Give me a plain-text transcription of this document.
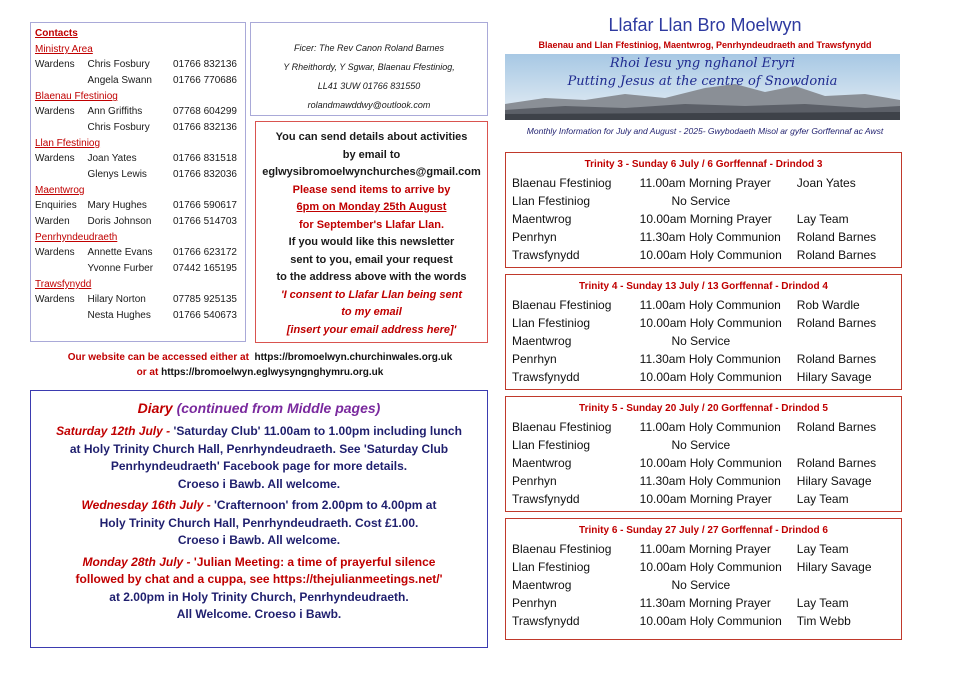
Contacts
Ministry Area
Wardens	Chris Fosbury	01766 832136
Angela Swann	01766 770686
Blaenau Ffestiniog
Wardens	Ann Griffiths	07768 604299
Chris Fosbury	01766 832136
Llan Ffestiniog
Wardens	Joan Yates	01766 831518
Glenys Lewis	01766 832036
Maentwrog
Enquiries	Mary Hughes	01766 590617
Warden	Doris Johnson	01766 514703
Penrhyndeudraeth
Wardens	Annette Evans	01766 623172
Yvonne Furber	07442 165195
Trawsfynydd
Wardens	Hilary Norton	07785 925135
Nesta Hughes	01766 540673
Ficer: The Rev Canon Roland Barnes
Y Rheithordy, Y Sgwar, Blaenau Ffestiniog,
LL41 3UW 01766 831550
rolandmawddwy@outlook.com
You can send details about activities
by email to
eglwysibromoelwynchurches@gmail.com
Please send items to arrive by
6pm on Monday 25th August
for September's Llafar Llan.
If you would like this newsletter
sent to you, email your request
to the address above with the words
'I consent to Llafar Llan being sent
to my email
[insert your email address here]'
Our website can be accessed either at https://bromoelwyn.churchinwales.org.uk
or at https://bromoelwyn.eglwysyngnghymru.org.uk
Diary (continued from Middle pages)
Saturday 12th July - 'Saturday Club' 11.00am to 1.00pm including lunch
at Holy Trinity Church Hall, Penrhyndeudraeth. See 'Saturday Club
Penrhyndeudraeth' Facebook page for more details.
Croeso i Bawb. All welcome.
Wednesday 16th July - 'Crafternoon' from 2.00pm to 4.00pm at
Holy Trinity Church Hall, Penrhyndeudraeth. Cost £1.00.
Croeso i Bawb. All welcome.
Monday 28th July - 'Julian Meeting: a time of prayerful silence
followed by chat and a cuppa, see https://thejulianmeetings.net/'
at 2.00pm in Holy Trinity Church, Penrhyndeudraeth.
All Welcome. Croeso i Bawb.
Llafar Llan Bro Moelwyn
Blaenau and Llan Ffestiniog, Maentwrog, Penrhyndeudraeth and Trawsfynydd
Rhoi Iesu yng nghanol Eryri
Putting Jesus at the centre of Snowdonia
Monthly Information for July and August - 2025- Gwybodaeth Misol ar gyfer Gorffennaf ac Awst
Trinity 3 - Sunday 6 July / 6 Gorffennaf - Drindod 3
Blaenau Ffestiniog	11.00am Morning Prayer	Joan Yates
Llan Ffestiniog	No Service
Maentwrog	10.00am Morning Prayer	Lay Team
Penrhyn	11.30am Holy Communion	Roland Barnes
Trawsfynydd	10.00am Holy Communion	Roland Barnes
Trinity 4 - Sunday 13 July / 13 Gorffennaf - Drindod 4
Blaenau Ffestiniog	11.00am Holy Communion	Rob Wardle
Llan Ffestiniog	10.00am Holy Communion	Roland Barnes
Maentwrog	No Service
Penrhyn	11.30am Holy Communion	Roland Barnes
Trawsfynydd	10.00am Holy Communion	Hilary Savage
Trinity 5 - Sunday 20 July / 20 Gorffennaf - Drindod 5
Blaenau Ffestiniog	11.00am Holy Communion	Roland Barnes
Llan Ffestiniog	No Service
Maentwrog	10.00am Holy Communion	Roland Barnes
Penrhyn	11.30am Holy Communion	Hilary Savage
Trawsfynydd	10.00am Morning Prayer	Lay Team
Trinity 6 - Sunday 27 July / 27 Gorffennaf - Drindod 6
Blaenau Ffestiniog	11.00am Morning Prayer	Lay Team
Llan Ffestiniog	10.00am Holy Communion	Hilary Savage
Maentwrog	No Service
Penrhyn	11.30am Morning Prayer	Lay Team
Trawsfynydd	10.00am Holy Communion	Tim Webb
